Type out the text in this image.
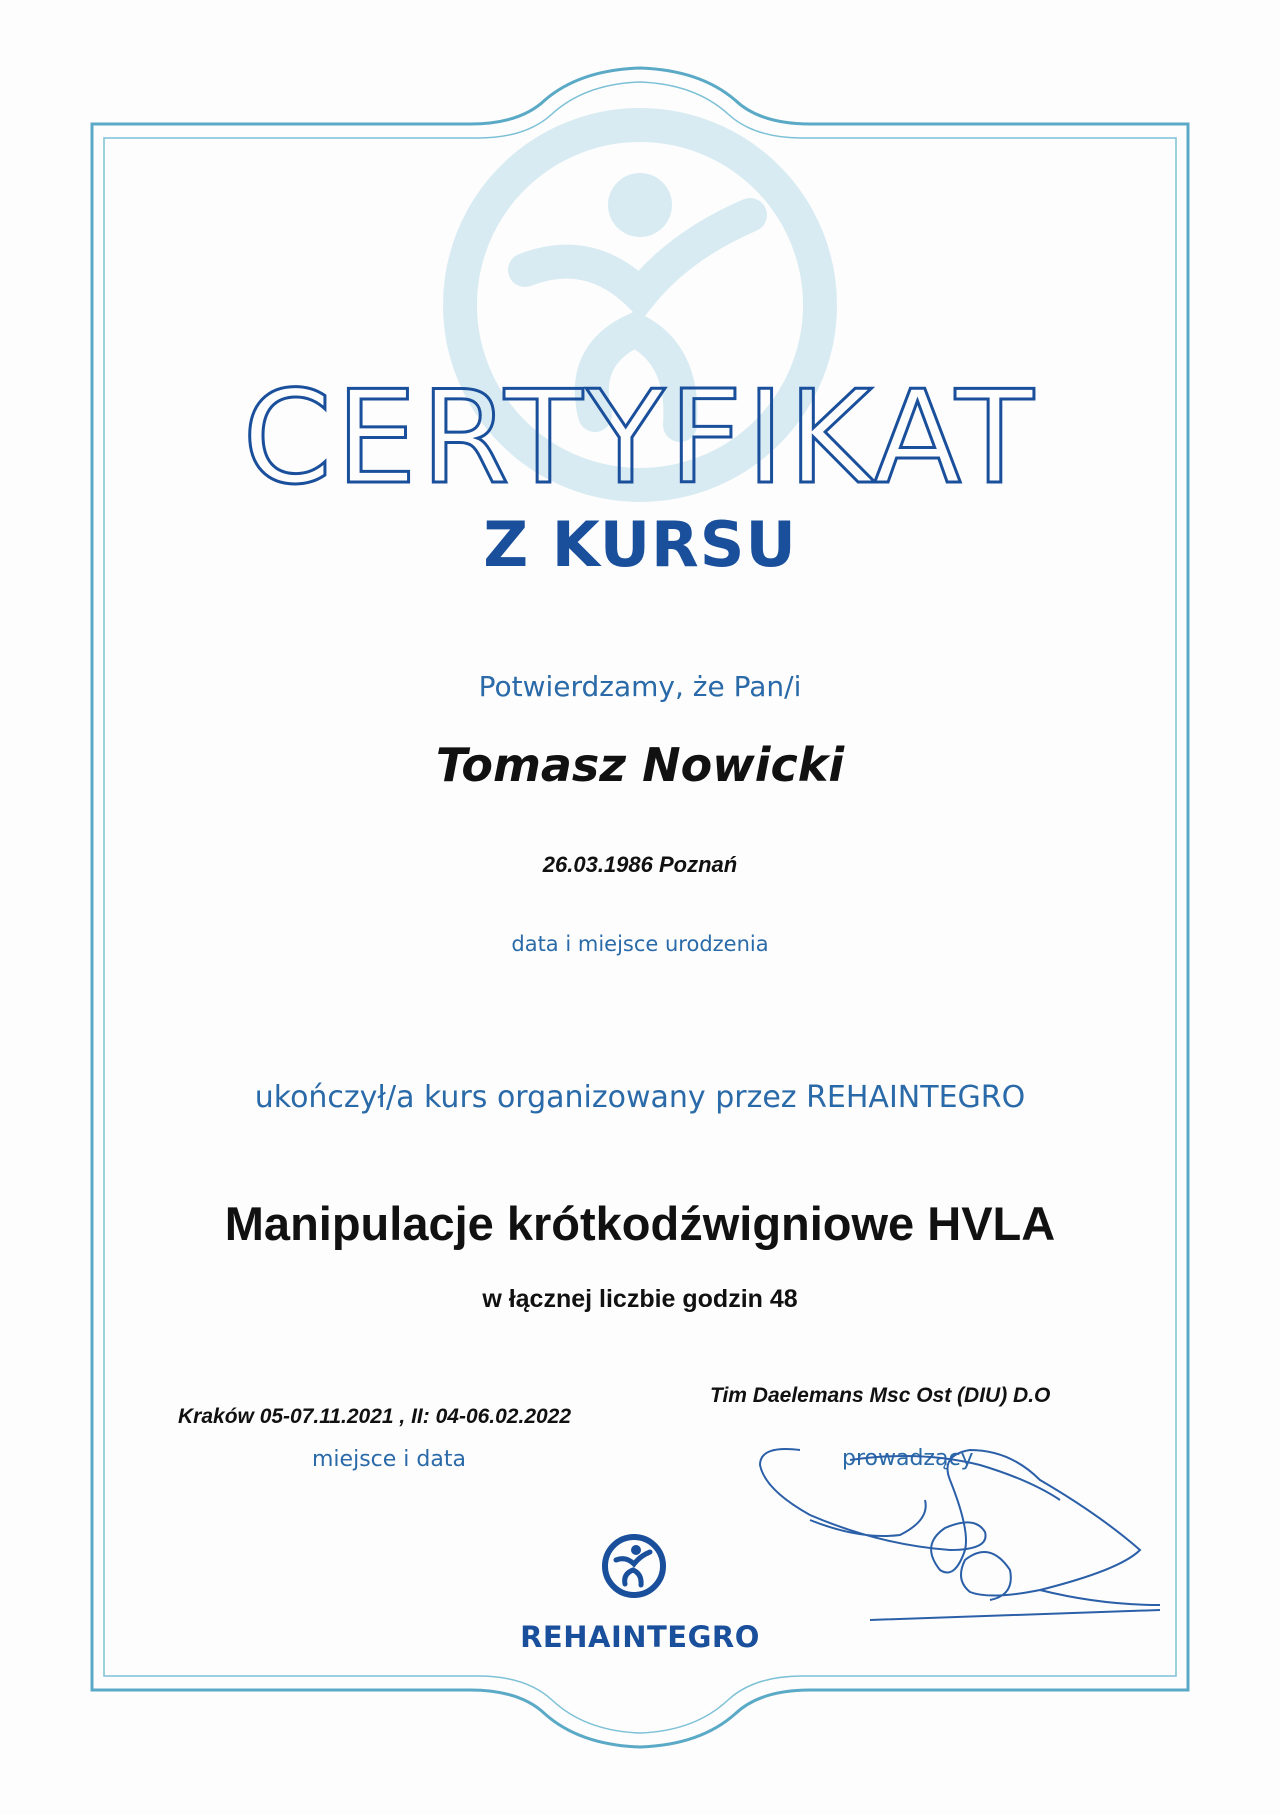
CERTYFIKAT
Z KURSU
Potwierdzamy, że Pan/i
Tomasz Nowicki
26.03.1986 Poznań
data i miejsce urodzenia
ukończył/a kurs organizowany przez REHAINTEGRO
Manipulacje krótkodźwigniowe HVLA
w łącznej liczbie godzin 48
Kraków 05-07.11.2021 , II: 04-06.02.2022
miejsce i data
Tim Daelemans Msc Ost (DIU) D.O
prowadzący
REHAINTEGRO
